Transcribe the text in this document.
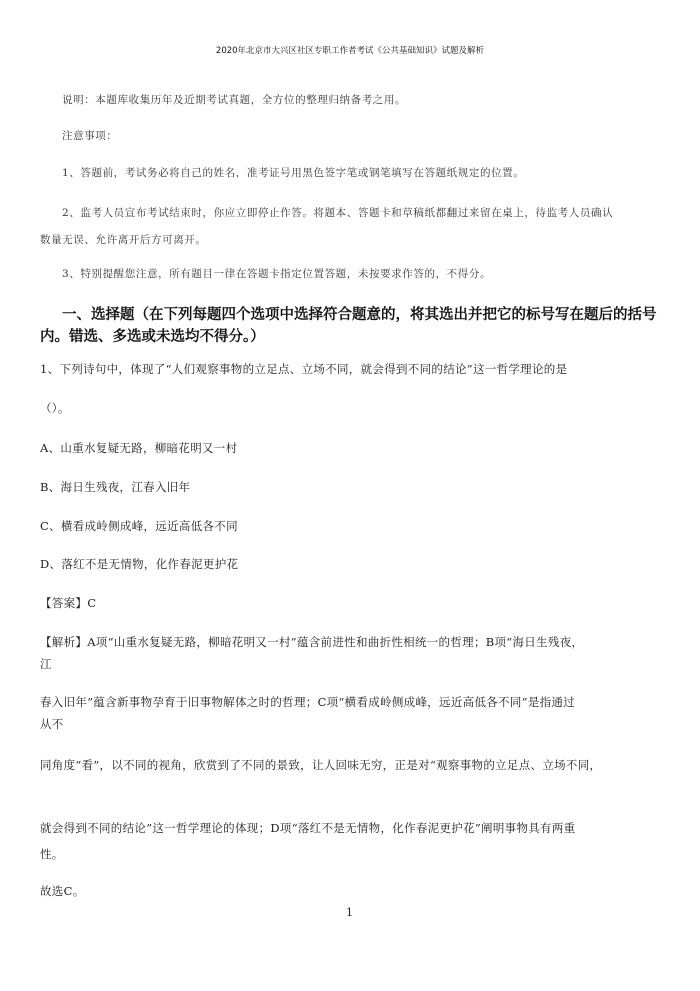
2020年北京市大兴区社区专职工作者考试《公共基础知识》试题及解析

说明：本题库收集历年及近期考试真题，全方位的整理归纳备考之用。

注意事项：

1、答题前，考试务必将自己的姓名，准考证号用黑色签字笔或钢笔填写在答题纸规定的位置。

2、监考人员宣布考试结束时，你应立即停止作答。将题本、答题卡和草稿纸都翻过来留在桌上，待监考人员确认

数量无误、允许离开后方可离开。

3、特别提醒您注意，所有题目一律在答题卡指定位置答题，未按要求作答的，不得分。

一、选择题（在下列每题四个选项中选择符合题意的，将其选出并把它的标号写在题后的括号

内。错选、多选或未选均不得分。）

1、下列诗句中，体现了“人们观察事物的立足点、立场不同，就会得到不同的结论”这一哲学理论的是

（）。

A、山重水复疑无路，柳暗花明又一村

B、海日生残夜，江春入旧年

C、横看成岭侧成峰，远近高低各不同

D、落红不是无情物，化作春泥更护花

【答案】C

【解析】A项“山重水复疑无路，柳暗花明又一村”蕴含前进性和曲折性相统一的哲理；B项“海日生残夜，

江

春入旧年”蕴含新事物孕育于旧事物解体之时的哲理；C项“横看成岭侧成峰，远近高低各不同”是指通过

从不

同角度“看”，以不同的视角，欣赏到了不同的景致，让人回味无穷，正是对“观察事物的立足点、立场不同，

就会得到不同的结论”这一哲学理论的体现；D项“落红不是无情物，化作春泥更护花”阐明事物具有两重

性。

故选C。

1
